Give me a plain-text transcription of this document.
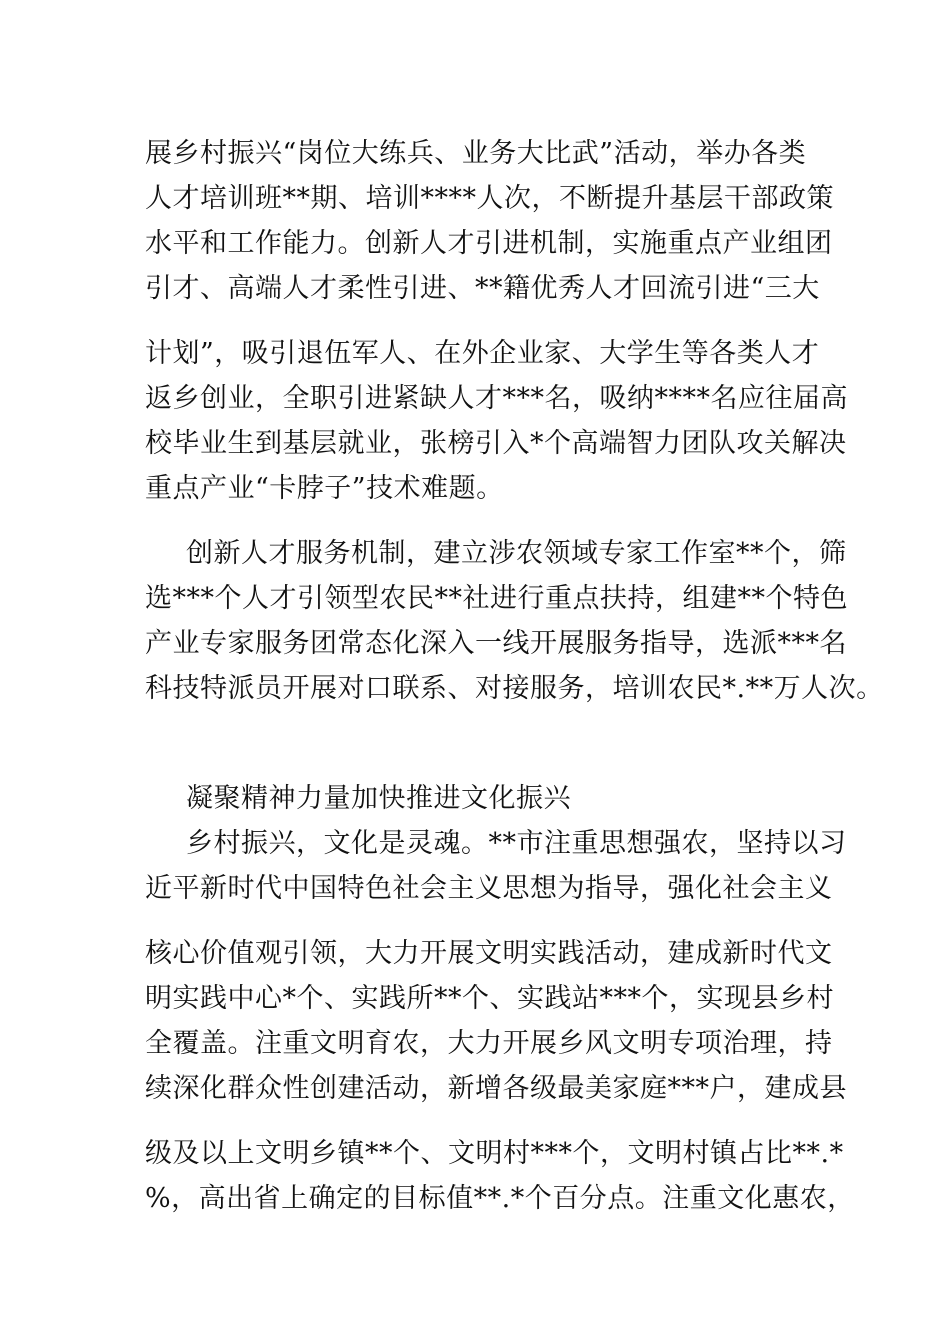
展乡村振兴“岗位大练兵、业务大比武”活动，举办各类
人才培训班**期、培训****人次，不断提升基层干部政策
水平和工作能力。创新人才引进机制，实施重点产业组团
引才、高端人才柔性引进、**籍优秀人才回流引进“三大
计划”，吸引退伍军人、在外企业家、大学生等各类人才
返乡创业，全职引进紧缺人才***名，吸纳****名应往届高
校毕业生到基层就业，张榜引入*个高端智力团队攻关解决
重点产业“卡脖子”技术难题。
创新人才服务机制，建立涉农领域专家工作室**个，筛
选***个人才引领型农民**社进行重点扶持，组建**个特色
产业专家服务团常态化深入一线开展服务指导，选派***名
科技特派员开展对口联系、对接服务，培训农民*.**万人次。
凝聚精神力量加快推进文化振兴
乡村振兴，文化是灵魂。**市注重思想强农，坚持以习
近平新时代中国特色社会主义思想为指导，强化社会主义
核心价值观引领，大力开展文明实践活动，建成新时代文
明实践中心*个、实践所**个、实践站***个，实现县乡村
全覆盖。注重文明育农，大力开展乡风文明专项治理，持
续深化群众性创建活动，新增各级最美家庭***户，建成县
级及以上文明乡镇**个、文明村***个，文明村镇占比**.*
%，高出省上确定的目标值**.*个百分点。注重文化惠农，
